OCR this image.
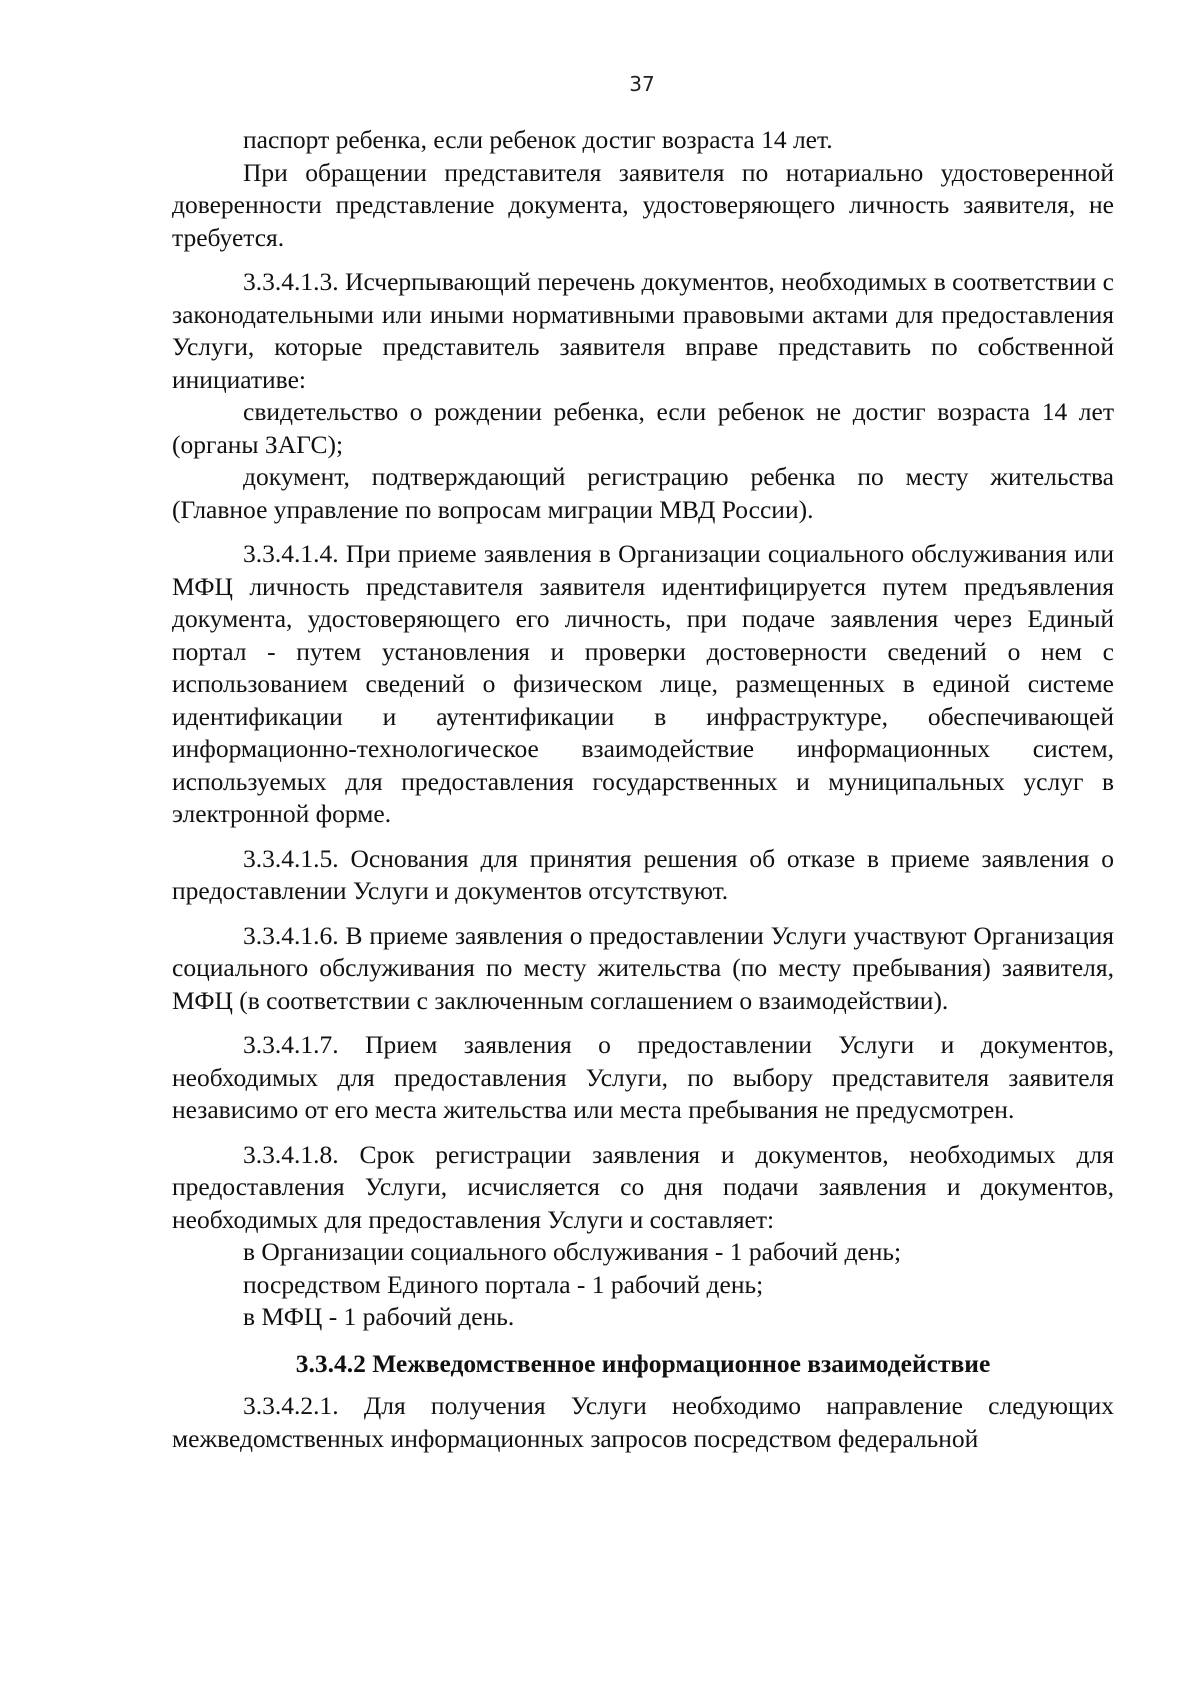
37

паспорт ребенка, если ребенок достиг возраста 14 лет.

При обращении представителя заявителя по нотариально удостоверенной доверенности представление документа, удостоверяющего личность заявителя, не требуется.

3.3.4.1.3. Исчерпывающий перечень документов, необходимых в соответствии с законодательными или иными нормативными правовыми актами для предоставления Услуги, которые представитель заявителя вправе представить по собственной инициативе:

свидетельство о рождении ребенка, если ребенок не достиг возраста 14 лет (органы ЗАГС);

документ, подтверждающий регистрацию ребенка по месту жительства (Главное управление по вопросам миграции МВД России).

3.3.4.1.4. При приеме заявления в Организации социального обслуживания или МФЦ личность представителя заявителя идентифицируется путем предъявления документа, удостоверяющего его личность, при подаче заявления через Единый портал - путем установления и проверки достоверности сведений о нем с использованием сведений о физическом лице, размещенных в единой системе идентификации и аутентификации в инфраструктуре, обеспечивающей информационно-технологическое взаимодействие информационных систем, используемых для предоставления государственных и муниципальных услуг в электронной форме.

3.3.4.1.5. Основания для принятия решения об отказе в приеме заявления о предоставлении Услуги и документов отсутствуют.

3.3.4.1.6. В приеме заявления о предоставлении Услуги участвуют Организация социального обслуживания по месту жительства (по месту пребывания) заявителя, МФЦ (в соответствии с заключенным соглашением о взаимодействии).

3.3.4.1.7. Прием заявления о предоставлении Услуги и документов, необходимых для предоставления Услуги, по выбору представителя заявителя независимо от его места жительства или места пребывания не предусмотрен.

3.3.4.1.8. Срок регистрации заявления и документов, необходимых для предоставления Услуги, исчисляется со дня подачи заявления и документов, необходимых для предоставления Услуги и составляет:

в Организации социального обслуживания - 1 рабочий день;

посредством Единого портала - 1 рабочий день;

в МФЦ - 1 рабочий день.

3.3.4.2 Межведомственное информационное взаимодействие

3.3.4.2.1. Для получения Услуги необходимо направление следующих межведомственных информационных запросов посредством федеральной
